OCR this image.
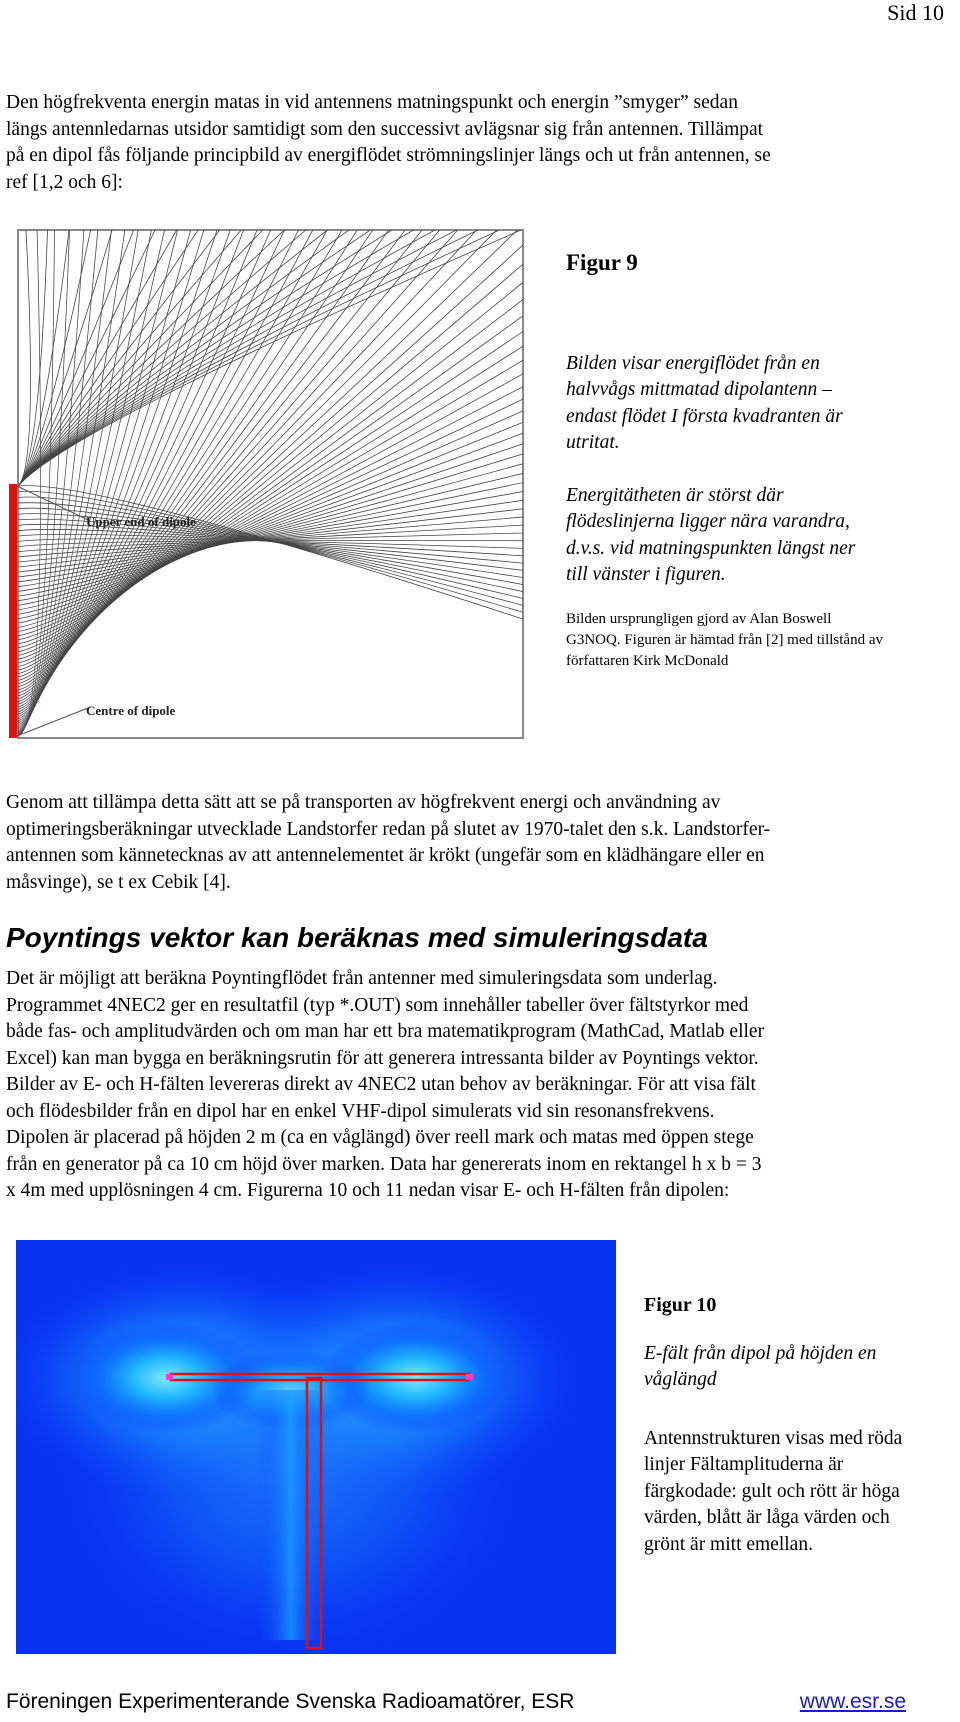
Sid 10
Den högfrekventa energin matas in vid antennens matningspunkt och energin ”smyger” sedan
längs antennledarnas utsidor samtidigt som den successivt avlägsnar sig från antennen. Tillämpat
på en dipol fås följande principbild av energiflödet strömningslinjer längs och ut från antennen, se
ref [1,2 och 6]:
Upper end of dipole
Centre of dipole
Figur 9
Bilden visar energiflödet från en
halvvågs mittmatad dipolantenn –
endast flödet I första kvadranten är
utritat.
Energitätheten är störst där
flödeslinjerna ligger nära varandra,
d.v.s. vid matningspunkten längst ner
till vänster i figuren.
Bilden ursprungligen gjord av Alan Boswell
G3NOQ. Figuren är hämtad från [2] med tillstånd av
författaren Kirk McDonald
Genom att tillämpa detta sätt att se på transporten av högfrekvent energi och användning av
optimeringsberäkningar utvecklade Landstorfer redan på slutet av 1970-talet den s.k. Landstorfer-
antennen som kännetecknas av att antennelementet är krökt (ungefär som en klädhängare eller en
måsvinge), se t ex Cebik [4].
Poyntings vektor kan beräknas med simuleringsdata
Det är möjligt att beräkna Poyntingflödet från antenner med simuleringsdata som underlag.
Programmet 4NEC2 ger en resultatfil (typ *.OUT) som innehåller tabeller över fältstyrkor med
både fas- och amplitudvärden och om man har ett bra matematikprogram (MathCad, Matlab eller
Excel) kan man bygga en beräkningsrutin för att generera intressanta bilder av Poyntings vektor.
Bilder av E- och H-fälten levereras direkt av 4NEC2 utan behov av beräkningar. För att visa fält
och flödesbilder från en dipol har en enkel VHF-dipol simulerats vid sin resonansfrekvens.
Dipolen är placerad på höjden 2 m (ca en våglängd) över reell mark och matas med öppen stege
från en generator på ca 10 cm höjd över marken. Data har genererats inom en rektangel h x b = 3
x 4m med upplösningen 4 cm. Figurerna 10 och 11 nedan visar E- och H-fälten från dipolen:
Figur 10
E-fält från dipol på höjden en
våglängd
Antennstrukturen visas med röda
linjer Fältamplituderna är
färgkodade: gult och rött är höga
värden, blått är låga värden och
grönt är mitt emellan.
Föreningen Experimenterande Svenska Radioamatörer, ESR	www.esr.se
